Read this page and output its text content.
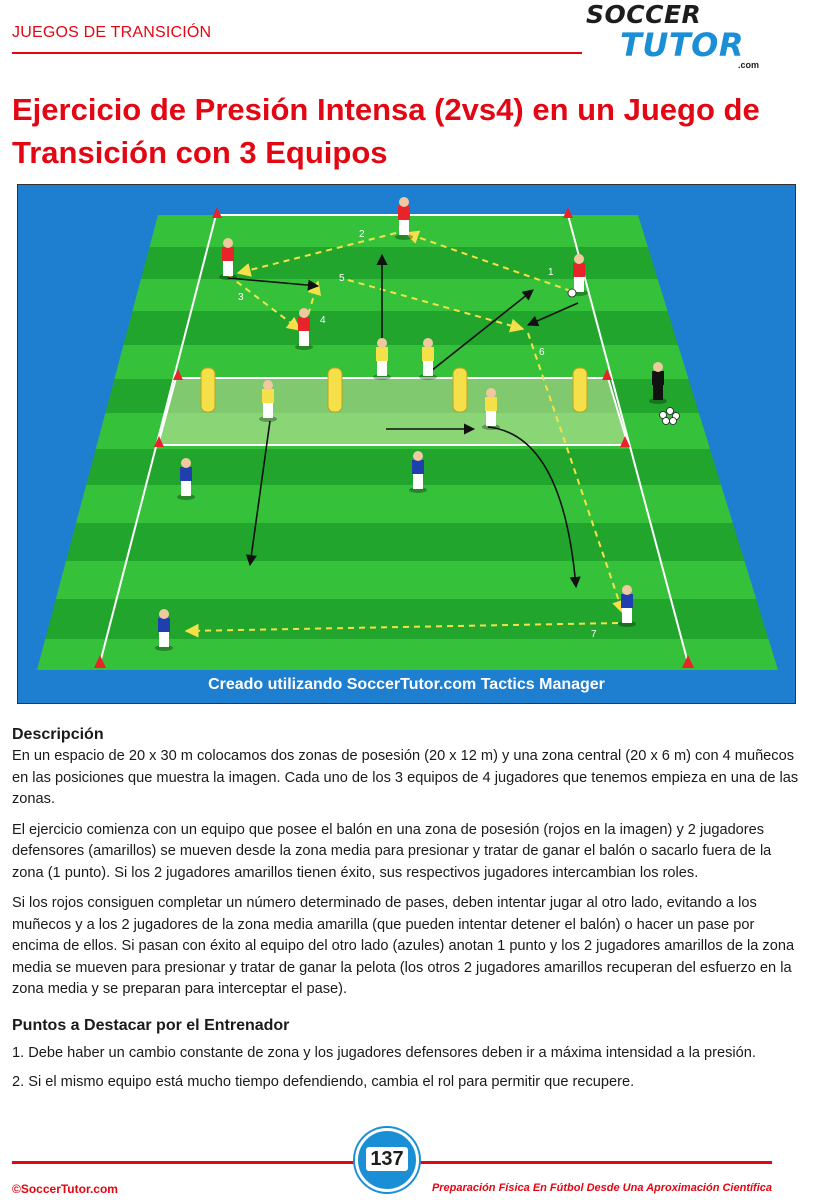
JUEGOS DE TRANSICIÓN
SOCCER
TUTOR
.com
Ejercicio de Presión Intensa (2vs4) en un Juego de Transición con 3 Equipos
1
2
3
4
5
6
7
Creado utilizando SoccerTutor.com Tactics Manager
Descripción

En un espacio de 20 x 30 m colocamos dos zonas de posesión (20 x 12 m) y una zona central (20 x 6 m) con 4 muñecos en las posiciones que muestra la imagen. Cada uno de los 3 equipos de 4 jugadores que tenemos empieza en una de las zonas.

El ejercicio comienza con un equipo que posee el balón en una zona de posesión (rojos en la imagen) y 2 jugadores defensores (amarillos) se mueven desde la zona media para presionar y tratar de ganar el balón o sacarlo fuera de la zona (1 punto). Si los 2 jugadores amarillos tienen éxito, sus respectivos jugadores intercambian los roles.

Si los rojos consiguen completar un número determinado de pases, deben intentar jugar al otro lado, evitando a los muñecos y a los 2 jugadores de la zona media amarilla (que pueden intentar detener el balón) o hacer un pase por encima de ellos. Si pasan con éxito al equipo del otro lado (azules) anotan 1 punto y los 2 jugadores amarillos de la zona media se mueven para presionar y tratar de ganar la pelota (los otros 2 jugadores amarillos recuperan del esfuerzo en la zona media y se preparan para interceptar el pase).

Puntos a Destacar por el Entrenador
1. Debe haber un cambio constante de zona y los jugadores defensores deben ir a máxima intensidad a la presión.
2. Si el mismo equipo está mucho tiempo defendiendo, cambia el rol para permitir que recupere.
137
©SoccerTutor.com	Preparación Física En Fútbol Desde Una Aproximación Científica
